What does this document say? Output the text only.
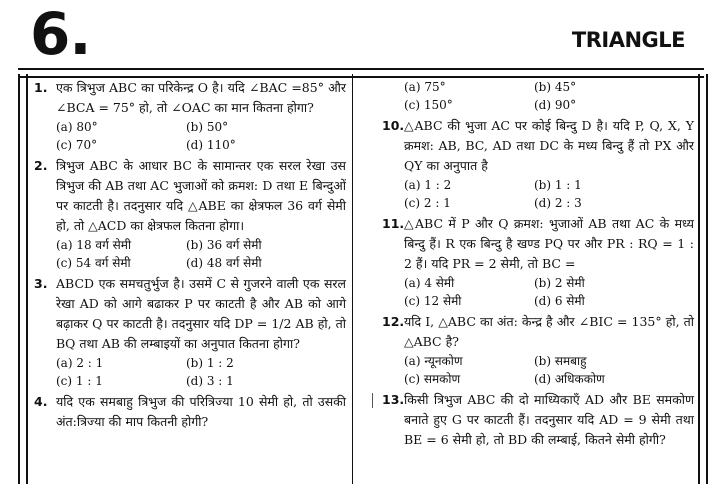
6.	TRIANGLE
1. एक त्रिभुज ABC का परिकेन्द्र O है। यदि ∠BAC =85° और ∠BCA = 75° हो, तो ∠OAC का मान कितना होगा?
(a) 80°	(b) 50°
(c) 70°	(d) 110°
2. त्रिभुज ABC के आधार BC के सामान्तर एक सरल रेखा उस त्रिभुज की AB तथा AC भुजाओं को क्रमश: D तथा E बिन्दुओं पर काटती है। तदनुसार यदि △ABE का क्षेत्रफल 36 वर्ग सेमी हो, तो △ACD का क्षेत्रफल कितना होगा।
(a) 18 वर्ग सेमी	(b) 36 वर्ग सेमी
(c) 54 वर्ग सेमी	(d) 48 वर्ग सेमी
3. ABCD एक समचतुर्भुज है। उसमें C से गुजरने वाली एक सरल रेखा AD को आगे बढाकर P पर काटती है और AB को आगे बढ़ाकर Q पर काटती है। तदनुसार यदि DP = 1/2 AB हो, तो BQ तथा AB की लम्बाइयों का अनुपात कितना होगा?
(a) 2 : 1	(b) 1 : 2
(c) 1 : 1	(d) 3 : 1
4. यदि एक समबाहु त्रिभुज की परित्रिज्या 10 सेमी हो, तो उसकी अंत:त्रिज्या की माप कितनी होगी?
(a) 75°	(b) 45°
(c) 150°	(d) 90°
10. △ABC की भुजा AC पर कोई बिन्दु D है। यदि P, Q, X, Y क्रमश: AB, BC, AD तथा DC के मध्य बिन्दु हैं तो PX और QY का अनुपात है
(a) 1 : 2	(b) 1 : 1
(c) 2 : 1	(d) 2 : 3
11. △ABC में P और Q क्रमश: भुजाओं AB तथा AC के मध्य बिन्दु हैं। R एक बिन्दु है खण्ड PQ पर और PR : RQ = 1 : 2 हैं। यदि PR = 2 सेमी, तो BC =
(a) 4 सेमी	(b) 2 सेमी
(c) 12 सेमी	(d) 6 सेमी
12. यदि I, △ABC का अंत: केन्द्र है और ∠BIC = 135° हो, तो △ABC है?
(a) न्यूनकोण	(b) समबाहु
(c) समकोण	(d) अधिककोण
13. किसी त्रिभुज ABC की दो माध्यिकाएँ AD और BE समकोण बनाते हुए G पर काटती हैं। तदनुसार यदि AD = 9 सेमी तथा BE = 6 सेमी हो, तो BD की लम्बाई, कितने सेमी होगी?
